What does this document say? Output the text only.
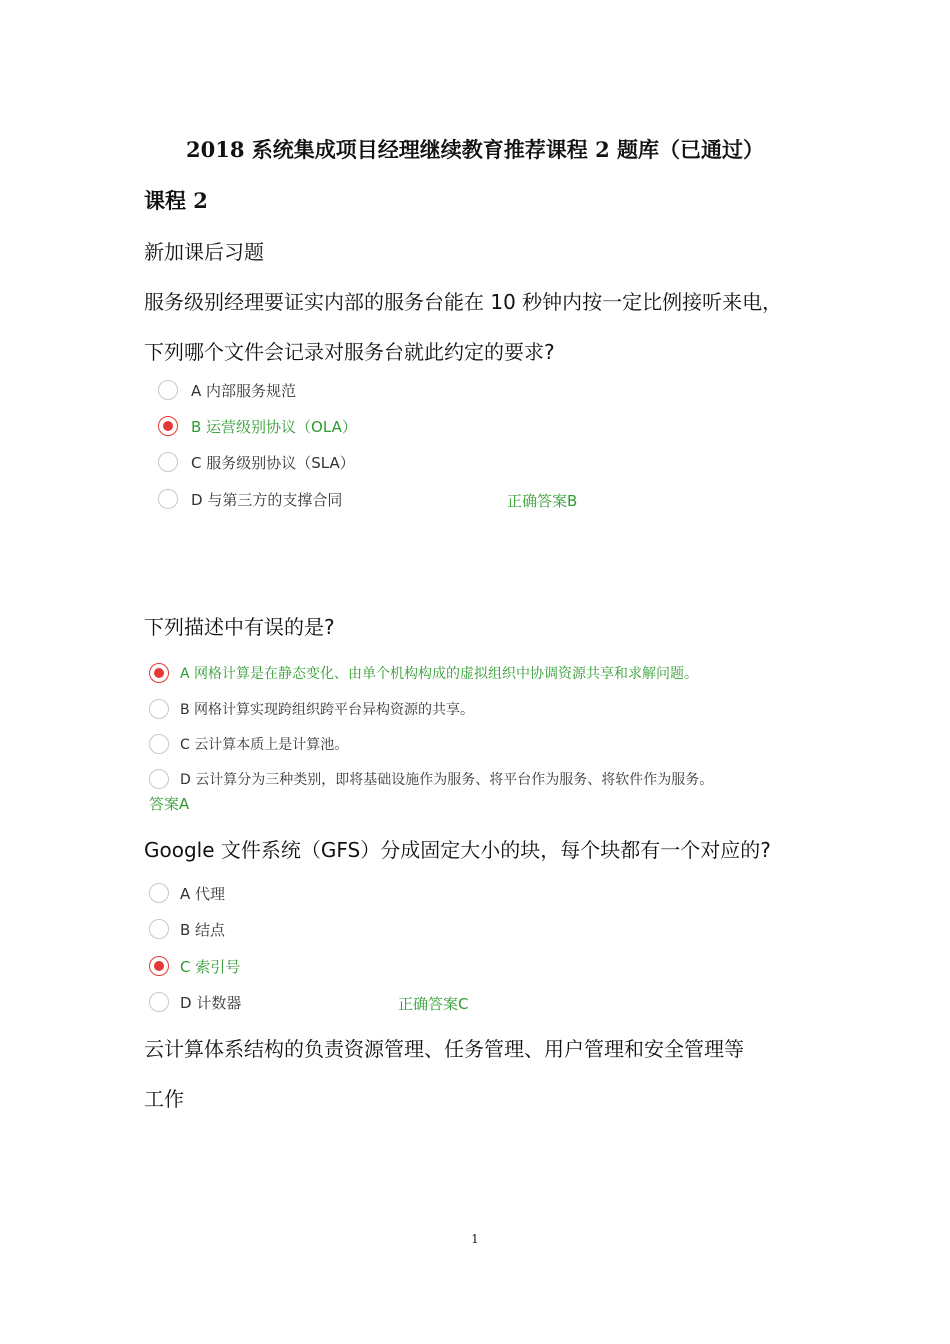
2018 系统集成项目经理继续教育推荐课程 2 题库（已通过）
课程 2
新加课后习题
服务级别经理要证实内部的服务台能在 10 秒钟内按一定比例接听来电，
下列哪个文件会记录对服务台就此约定的要求?
A 内部服务规范
B 运营级别协议（OLA）
C 服务级别协议（SLA）
D 与第三方的支撑合同	正确答案B
下列描述中有误的是?
A 网格计算是在静态变化、由单个机构构成的虚拟组织中协调资源共享和求解问题。
B 网格计算实现跨组织跨平台异构资源的共享。
C 云计算本质上是计算池。
D 云计算分为三种类别，即将基础设施作为服务、将平台作为服务、将软件作为服务。
答案A
Google 文件系统（GFS）分成固定大小的块，每个块都有一个对应的?
A 代理
B 结点
C 索引号
D 计数器	正确答案C
云计算体系结构的负责资源管理、任务管理、用户管理和安全管理等
工作
1
